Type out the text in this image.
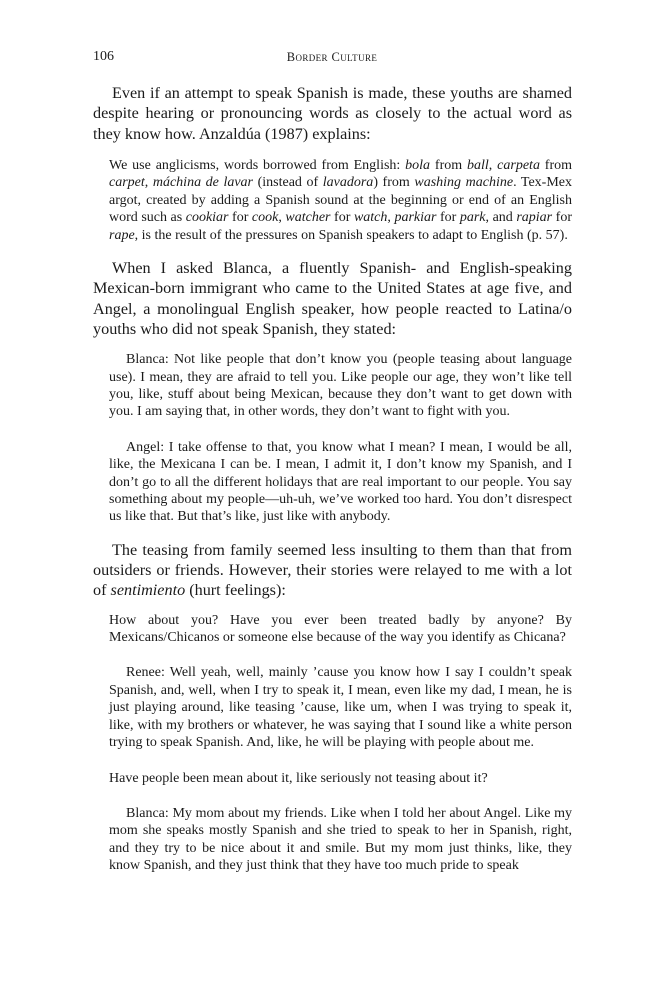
106	Border Culture

Even if an attempt to speak Spanish is made, these youths are shamed despite hearing or pronouncing words as closely to the actual word as they know how. Anzaldúa (1987) explains:

We use anglicisms, words borrowed from English: bola from ball, carpeta from carpet, máchina de lavar (instead of lavadora) from washing machine. Tex-Mex argot, created by adding a Spanish sound at the beginning or end of an English word such as cookiar for cook, watcher for watch, parkiar for park, and rapiar for rape, is the result of the pressures on Spanish speakers to adapt to English (p. 57).

When I asked Blanca, a fluently Spanish- and English-speaking Mexican-born immigrant who came to the United States at age five, and Angel, a monolingual English speaker, how people reacted to Latina/o youths who did not speak Spanish, they stated:

Blanca: Not like people that don’t know you (people teasing about language use). I mean, they are afraid to tell you. Like people our age, they won’t like tell you, like, stuff about being Mexican, because they don’t want to get down with you. I am saying that, in other words, they don’t want to fight with you.

Angel: I take offense to that, you know what I mean? I mean, I would be all, like, the Mexicana I can be. I mean, I admit it, I don’t know my Spanish, and I don’t go to all the different holidays that are real important to our people. You say something about my people—uh-uh, we’ve worked too hard. You don’t disrespect us like that. But that’s like, just like with anybody.

The teasing from family seemed less insulting to them than that from outsiders or friends. However, their stories were relayed to me with a lot of sentimiento (hurt feelings):

How about you? Have you ever been treated badly by anyone? By Mexicans/Chicanos or someone else because of the way you identify as Chicana?

Renee: Well yeah, well, mainly ’cause you know how I say I couldn’t speak Spanish, and, well, when I try to speak it, I mean, even like my dad, I mean, he is just playing around, like teasing ’cause, like um, when I was trying to speak it, like, with my brothers or whatever, he was saying that I sound like a white person trying to speak Spanish. And, like, he will be playing with people about me.

Have people been mean about it, like seriously not teasing about it?

Blanca: My mom about my friends. Like when I told her about Angel. Like my mom she speaks mostly Spanish and she tried to speak to her in Spanish, right, and they try to be nice about it and smile. But my mom just thinks, like, they know Spanish, and they just think that they have too much pride to speak
